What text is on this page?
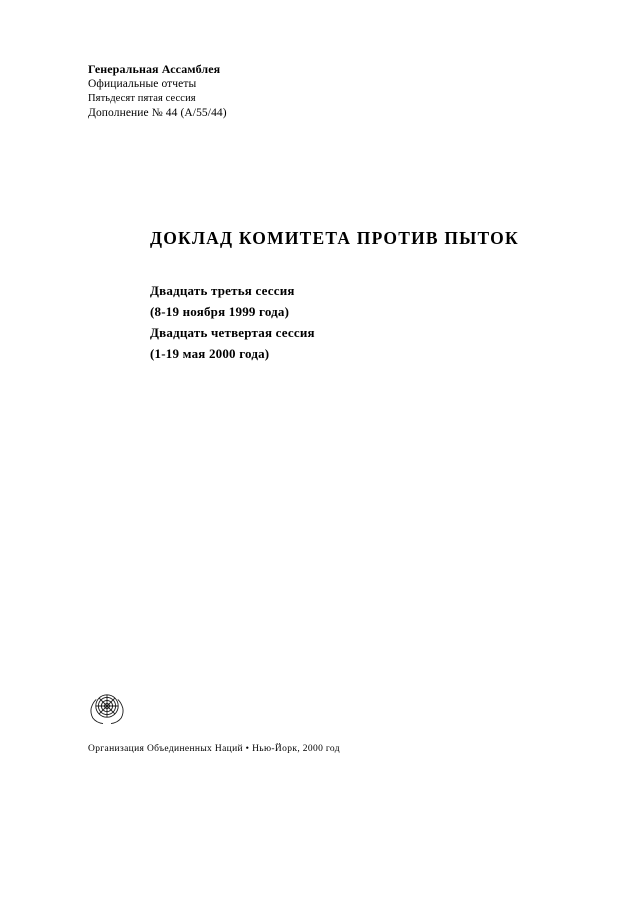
Генеральная Ассамблея
Официальные отчеты
Пятьдесят пятая сессия
Дополнение № 44 (A/55/44)
ДОКЛАД КОМИТЕТА ПРОТИВ ПЫТОК
Двадцать третья сессия
(8-19 ноября 1999 года)
Двадцать четвертая сессия
(1-19 мая 2000 года)
Организация Объединенных Наций • Нью-Йорк, 2000 год
